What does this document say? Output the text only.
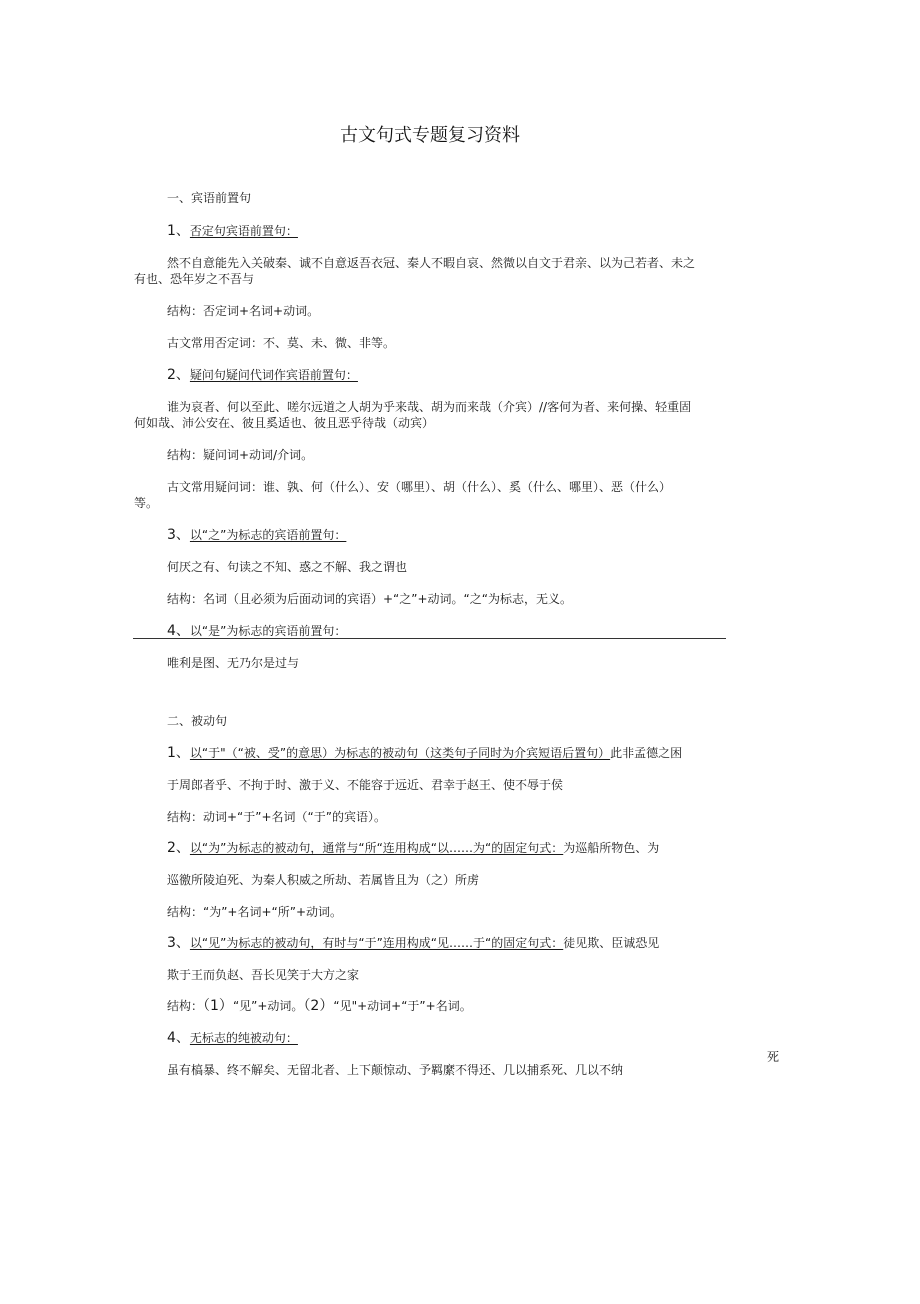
古文句式专题复习资料
一、宾语前置句
1、否定句宾语前置句：
然不自意能先入关破秦、诚不自意返吾衣冠、秦人不暇自哀、然微以自文于君亲、以为己若者、未之
有也、恐年岁之不吾与
结构：否定词+名词+动词。
古文常用否定词：不、莫、未、微、非等。
2、疑问句疑问代词作宾语前置句：
谁为哀者、何以至此、嗟尔远道之人胡为乎来哉、胡为而来哉（介宾）//客何为者、来何操、轻重固
何如哉、沛公安在、彼且奚适也、彼且恶乎待哉（动宾）
结构：疑问词+动词/介词。
古文常用疑问词：谁、孰、何（什么）、安（哪里）、胡（什么）、奚（什么、哪里）、恶（什么）
等。
3、以“之”为标志的宾语前置句：
何厌之有、句读之不知、惑之不解、我之谓也
结构：名词（且必须为后面动词的宾语）+“之”+动词。“之“为标志，无义。
4、以“是”为标志的宾语前置句：
唯利是图、无乃尔是过与
二、被动句
1、以“于"（“被、受”的意思）为标志的被动句（这类句子同时为介宾短语后置句）此非孟德之困
于周郎者乎、不拘于时、激于义、不能容于远近、君幸于赵王、使不辱于侯
结构：动词+“于”+名词（“于”的宾语）。
2、以“为”为标志的被动句，通常与“所“连用构成“以……为“的固定句式：为巡船所物色、为
巡徼所陵迫死、为秦人积威之所劫、若属皆且为（之）所虏
结构：“为”+名词+“所”+动词。
3、以“见”为标志的被动句，有时与“于”连用构成“见……于“的固定句式：徒见欺、臣诚恐见
欺于王而负赵、吾长见笑于大方之家
结构：（1）“见”+动词。（2）“见"+动词+“于”+名词。
4、无标志的纯被动句：
死
虽有槁暴、终不解矣、无留北者、上下颠惊动、予羁縻不得还、几以捕系死、几以不纳
